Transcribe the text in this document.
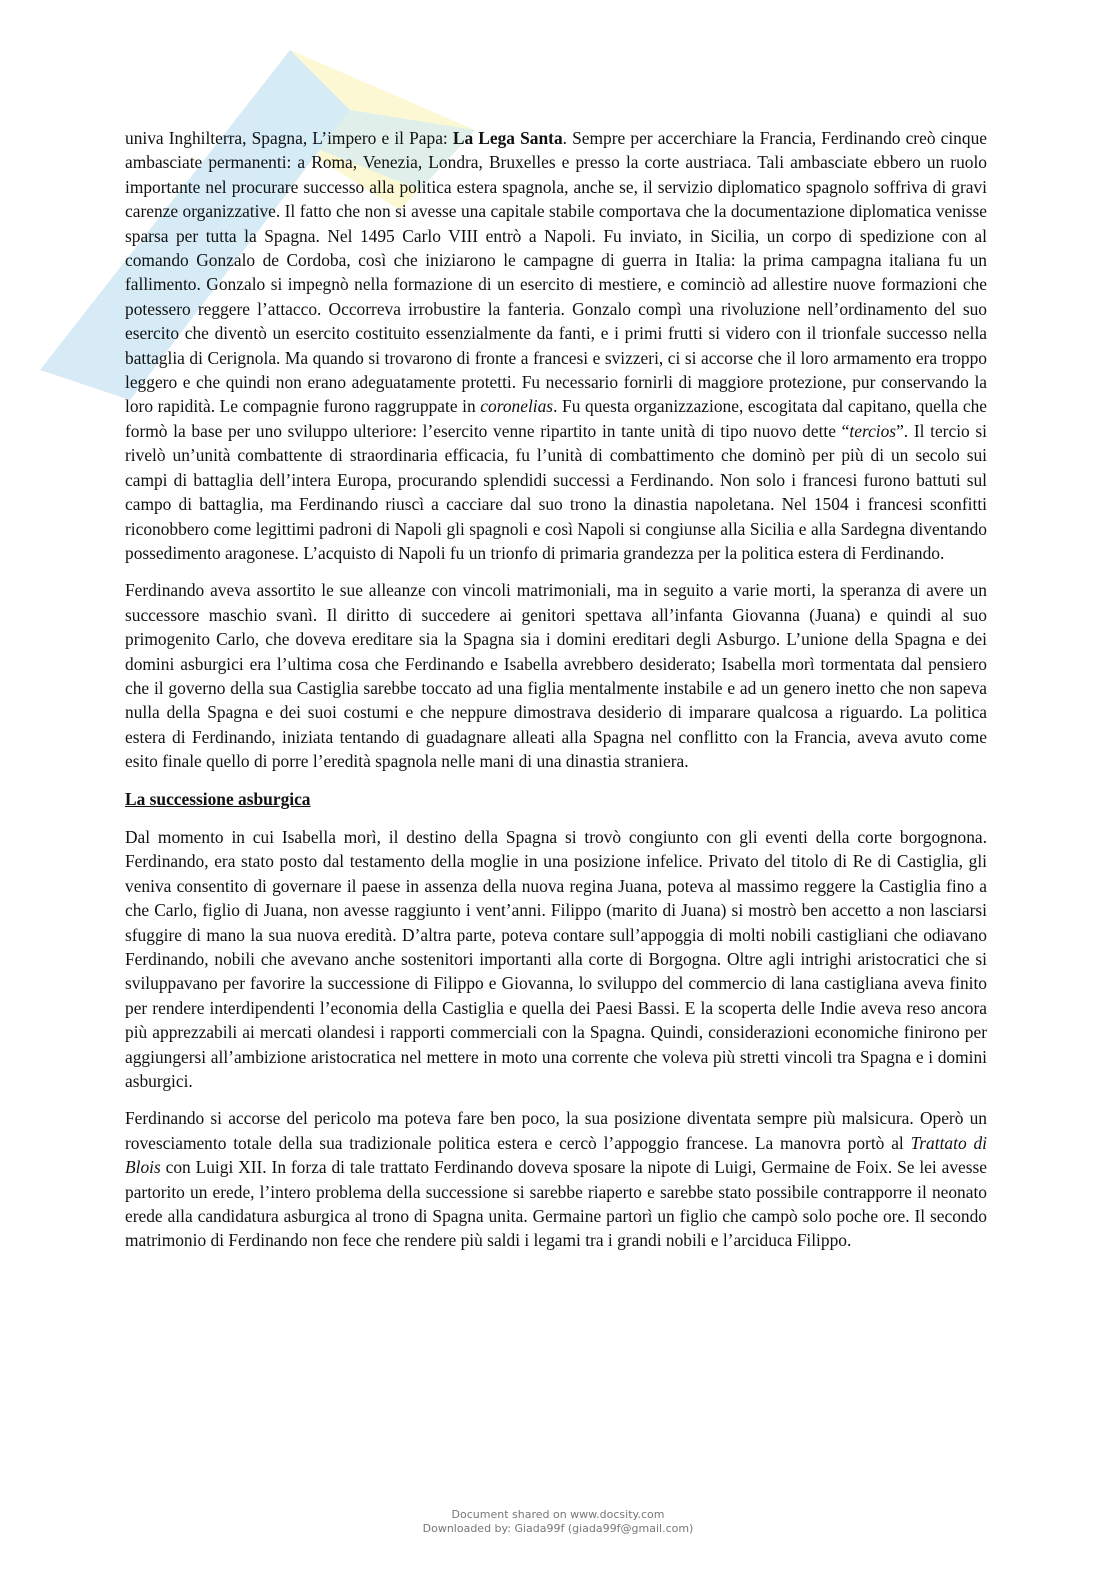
univa Inghilterra, Spagna, L’impero e il Papa: La Lega Santa. Sempre per accerchiare la Francia, Ferdinando creò cinque ambasciate permanenti: a Roma, Venezia, Londra, Bruxelles e presso la corte austriaca. Tali ambasciate ebbero un ruolo importante nel procurare successo alla politica estera spagnola, anche se, il servizio diplomatico spagnolo soffriva di gravi carenze organizzative. Il fatto che non si avesse una capitale stabile comportava che la documentazione diplomatica venisse sparsa per tutta la Spagna. Nel 1495 Carlo VIII entrò a Napoli. Fu inviato, in Sicilia, un corpo di spedizione con al comando Gonzalo de Cordoba, così che iniziarono le campagne di guerra in Italia: la prima campagna italiana fu un fallimento. Gonzalo si impegnò nella formazione di un esercito di mestiere, e cominciò ad allestire nuove formazioni che potessero reggere l’attacco. Occorreva irrobustire la fanteria. Gonzalo compì una rivoluzione nell’ordinamento del suo esercito che diventò un esercito costituito essenzialmente da fanti, e i primi frutti si videro con il trionfale successo nella battaglia di Cerignola. Ma quando si trovarono di fronte a francesi e svizzeri, ci si accorse che il loro armamento era troppo leggero e che quindi non erano adeguatamente protetti. Fu necessario fornirli di maggiore protezione, pur conservando la loro rapidità. Le compagnie furono raggruppate in coronelias. Fu questa organizzazione, escogitata dal capitano, quella che formò la base per uno sviluppo ulteriore: l’esercito venne ripartito in tante unità di tipo nuovo dette “tercios”. Il tercio si rivelò un’unità combattente di straordinaria efficacia, fu l’unità di combattimento che dominò per più di un secolo sui campi di battaglia dell’intera Europa, procurando splendidi successi a Ferdinando. Non solo i francesi furono battuti sul campo di battaglia, ma Ferdinando riuscì a cacciare dal suo trono la dinastia napoletana. Nel 1504 i francesi sconfitti riconobbero come legittimi padroni di Napoli gli spagnoli e così Napoli si congiunse alla Sicilia e alla Sardegna diventando possedimento aragonese. L’acquisto di Napoli fu un trionfo di primaria grandezza per la politica estera di Ferdinando.

Ferdinando aveva assortito le sue alleanze con vincoli matrimoniali, ma in seguito a varie morti, la speranza di avere un successore maschio svanì. Il diritto di succedere ai genitori spettava all’infanta Giovanna (Juana) e quindi al suo primogenito Carlo, che doveva ereditare sia la Spagna sia i domini ereditari degli Asburgo. L’unione della Spagna e dei domini asburgici era l’ultima cosa che Ferdinando e Isabella avrebbero desiderato; Isabella morì tormentata dal pensiero che il governo della sua Castiglia sarebbe toccato ad una figlia mentalmente instabile e ad un genero inetto che non sapeva nulla della Spagna e dei suoi costumi e che neppure dimostrava desiderio di imparare qualcosa a riguardo. La politica estera di Ferdinando, iniziata tentando di guadagnare alleati alla Spagna nel conflitto con la Francia, aveva avuto come esito finale quello di porre l’eredità spagnola nelle mani di una dinastia straniera.

La successione asburgica

Dal momento in cui Isabella morì, il destino della Spagna si trovò congiunto con gli eventi della corte borgognona. Ferdinando, era stato posto dal testamento della moglie in una posizione infelice. Privato del titolo di Re di Castiglia, gli veniva consentito di governare il paese in assenza della nuova regina Juana, poteva al massimo reggere la Castiglia fino a che Carlo, figlio di Juana, non avesse raggiunto i vent’anni. Filippo (marito di Juana) si mostrò ben accetto a non lasciarsi sfuggire di mano la sua nuova eredità. D’altra parte, poteva contare sull’appoggia di molti nobili castigliani che odiavano Ferdinando, nobili che avevano anche sostenitori importanti alla corte di Borgogna. Oltre agli intrighi aristocratici che si sviluppavano per favorire la successione di Filippo e Giovanna, lo sviluppo del commercio di lana castigliana aveva finito per rendere interdipendenti l’economia della Castiglia e quella dei Paesi Bassi. E la scoperta delle Indie aveva reso ancora più apprezzabili ai mercati olandesi i rapporti commerciali con la Spagna. Quindi, considerazioni economiche finirono per aggiungersi all’ambizione aristocratica nel mettere in moto una corrente che voleva più stretti vincoli tra Spagna e i domini asburgici.

Ferdinando si accorse del pericolo ma poteva fare ben poco, la sua posizione diventata sempre più malsicura. Operò un rovesciamento totale della sua tradizionale politica estera e cercò l’appoggio francese. La manovra portò al Trattato di Blois con Luigi XII. In forza di tale trattato Ferdinando doveva sposare la nipote di Luigi, Germaine de Foix. Se lei avesse partorito un erede, l’intero problema della successione si sarebbe riaperto e sarebbe stato possibile contrapporre il neonato erede alla candidatura asburgica al trono di Spagna unita. Germaine partorì un figlio che campò solo poche ore. Il secondo matrimonio di Ferdinando non fece che rendere più saldi i legami tra i grandi nobili e l’arciduca Filippo.

Document shared on www.docsity.com
Downloaded by: Giada99f (giada99f@gmail.com)
